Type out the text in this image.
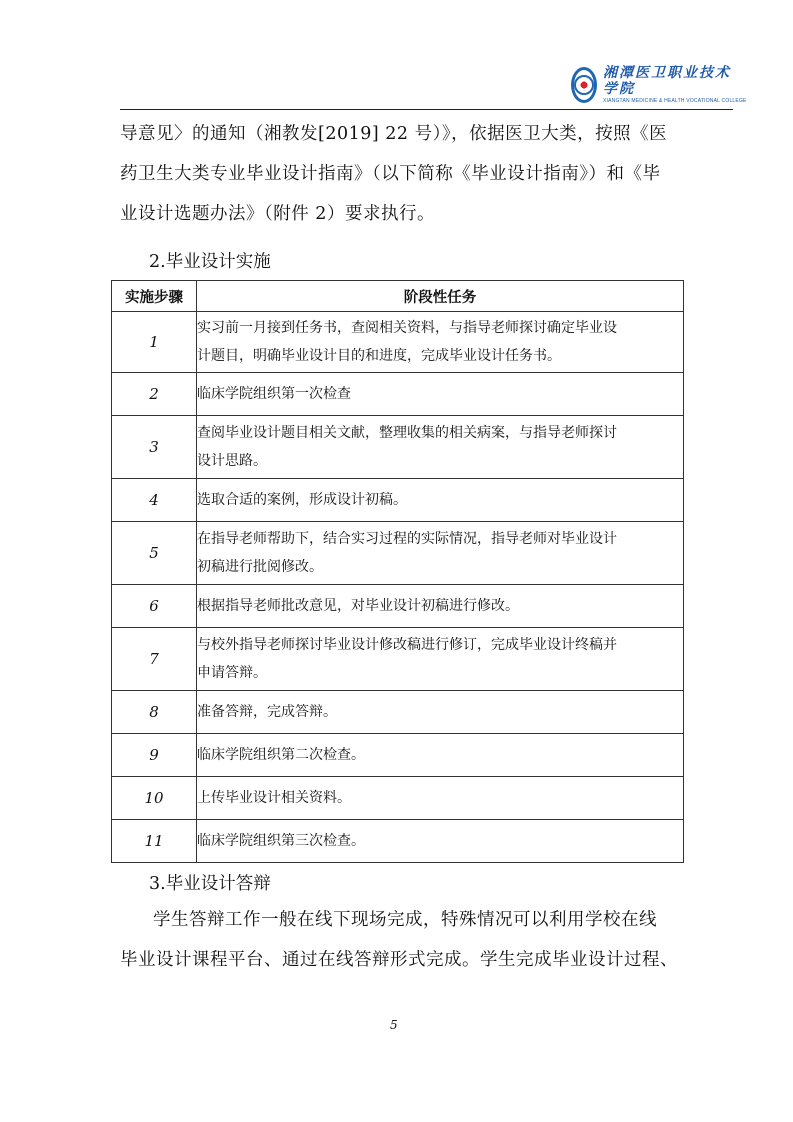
湘潭医卫职业技术学院
XIANGTAN MEDICINE & HEALTH VOCATIONAL COLLEGE
导意见〉的通知（湘教发[2019] 22 号）》，依据医卫大类，按照《医
药卫生大类专业毕业设计指南》（以下简称《毕业设计指南》）和《毕
业设计选题办法》（附件 2）要求执行。
2.毕业设计实施
实施步骤	阶段性任务
1	实习前一月接到任务书，查阅相关资料，与指导老师探讨确定毕业设
计题目，明确毕业设计目的和进度，完成毕业设计任务书。

2	临床学院组织第一次检查

3	查阅毕业设计题目相关文献，整理收集的相关病案，与指导老师探讨
设计思路。

4	选取合适的案例，形成设计初稿。

5	在指导老师帮助下，结合实习过程的实际情况，指导老师对毕业设计
初稿进行批阅修改。

6	根据指导老师批改意见，对毕业设计初稿进行修改。

7	与校外指导老师探讨毕业设计修改稿进行修订，完成毕业设计终稿并
申请答辩。

8	准备答辩，完成答辩。

9	临床学院组织第二次检查。

10	上传毕业设计相关资料。

11	临床学院组织第三次检查。
3.毕业设计答辩
学生答辩工作一般在线下现场完成，特殊情况可以利用学校在线
毕业设计课程平台、通过在线答辩形式完成。学生完成毕业设计过程、
5
